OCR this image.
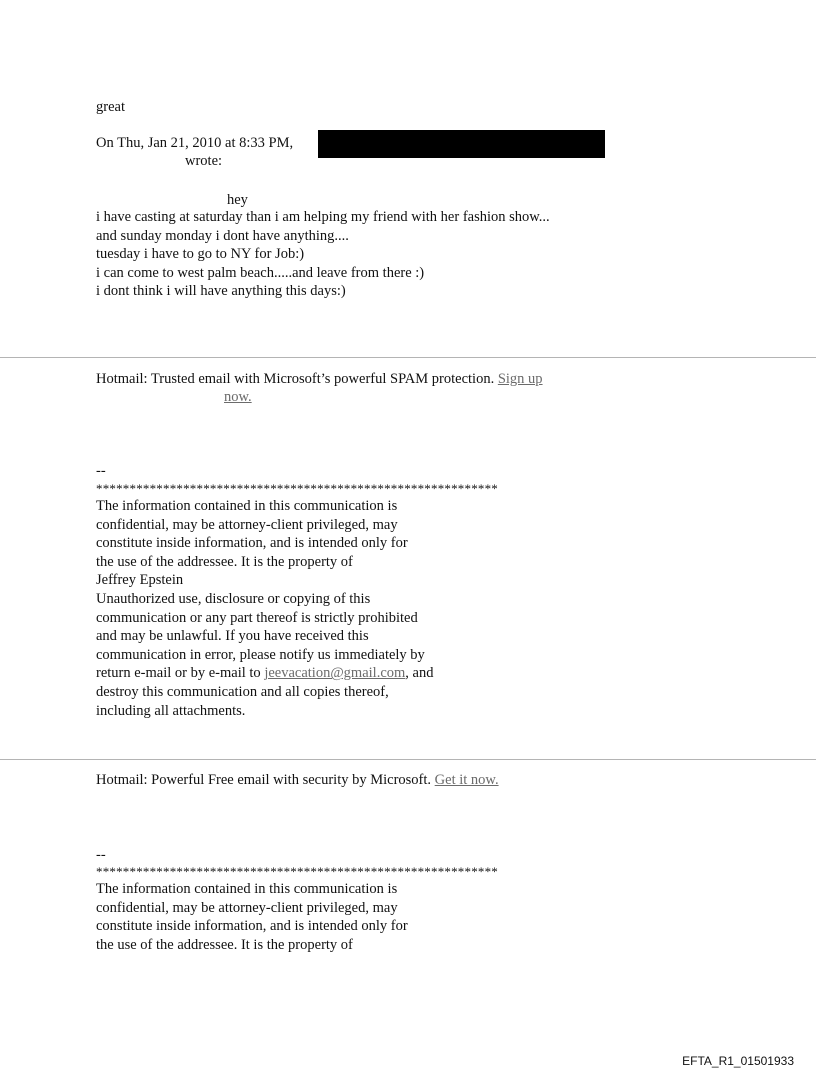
great
On Thu, Jan 21, 2010 at 8:33 PM,
wrote:
hey
i have casting at saturday than i am helping my friend with her fashion show...
and sunday monday i dont have anything....
tuesday i have to go to NY for Job:)
i can come to west palm beach.....and leave from there :)
i dont think i will have anything this days:)
Hotmail: Trusted email with Microsoft’s powerful SPAM protection. Sign up
now.
--
************************************************************
The information contained in this communication is
confidential, may be attorney-client privileged, may
constitute inside information, and is intended only for
the use of the addressee. It is the property of
Jeffrey Epstein
Unauthorized use, disclosure or copying of this
communication or any part thereof is strictly prohibited
and may be unlawful. If you have received this
communication in error, please notify us immediately by
return e-mail or by e-mail to jeevacation@gmail.com, and
destroy this communication and all copies thereof,
including all attachments.
Hotmail: Powerful Free email with security by Microsoft. Get it now.
--
************************************************************
The information contained in this communication is
confidential, may be attorney-client privileged, may
constitute inside information, and is intended only for
the use of the addressee. It is the property of
EFTA_R1_01501933
